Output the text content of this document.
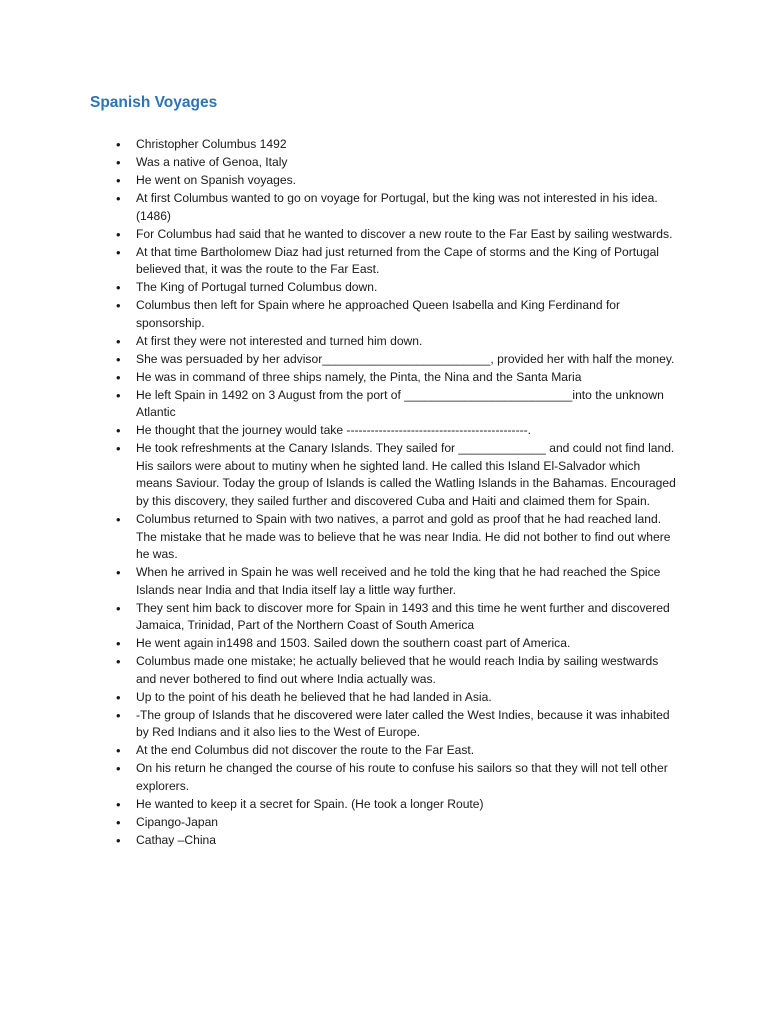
Spanish Voyages
• Christopher Columbus 1492
• Was a native of Genoa, Italy
• He went on Spanish voyages.
• At first Columbus wanted to go on voyage for Portugal, but the king was not interested in his idea. (1486)
• For Columbus had said that he wanted to discover a new route to the Far East by sailing westwards.
• At that time Bartholomew Diaz had just returned from the Cape of storms and the King of Portugal believed that, it was the route to the Far East.
• The King of Portugal turned Columbus down.
• Columbus then left for Spain where he approached Queen Isabella and King Ferdinand for sponsorship.
• At first they were not interested and turned him down.
• She was persuaded by her advisor_________________________, provided her with half the money.
• He was in command of three ships namely, the Pinta, the Nina and the Santa Maria
• He left Spain in 1492 on 3 August from the port of _________________________into the unknown Atlantic
• He thought that the journey would take ---------------------------------------------.
• He took refreshments at the Canary Islands. They sailed for _____________ and could not find land. His sailors were about to mutiny when he sighted land. He called this Island El-Salvador which means Saviour. Today the group of Islands is called the Watling Islands in the Bahamas. Encouraged by this discovery, they sailed further and discovered Cuba and Haiti and claimed them for Spain.
• Columbus returned to Spain with two natives, a parrot and gold as proof that he had reached land. The mistake that he made was to believe that he was near India. He did not bother to find out where he was.
• When he arrived in Spain he was well received and he told the king that he had reached the Spice Islands near India and that India itself lay a little way further.
• They sent him back to discover more for Spain in 1493 and this time he went further and discovered Jamaica, Trinidad, Part of the Northern Coast of South America
• He went again in1498 and 1503. Sailed down the southern coast part of America.
• Columbus made one mistake; he actually believed that he would reach India by sailing westwards and never bothered to find out where India actually was.
• Up to the point of his death he believed that he had landed in Asia.
• -The group of Islands that he discovered were later called the West Indies, because it was inhabited by Red Indians and it also lies to the West of Europe.
• At the end Columbus did not discover the route to the Far East.
• On his return he changed the course of his route to confuse his sailors so that they will not tell other explorers.
• He wanted to keep it a secret for Spain. (He took a longer Route)
• Cipango-Japan
• Cathay –China
